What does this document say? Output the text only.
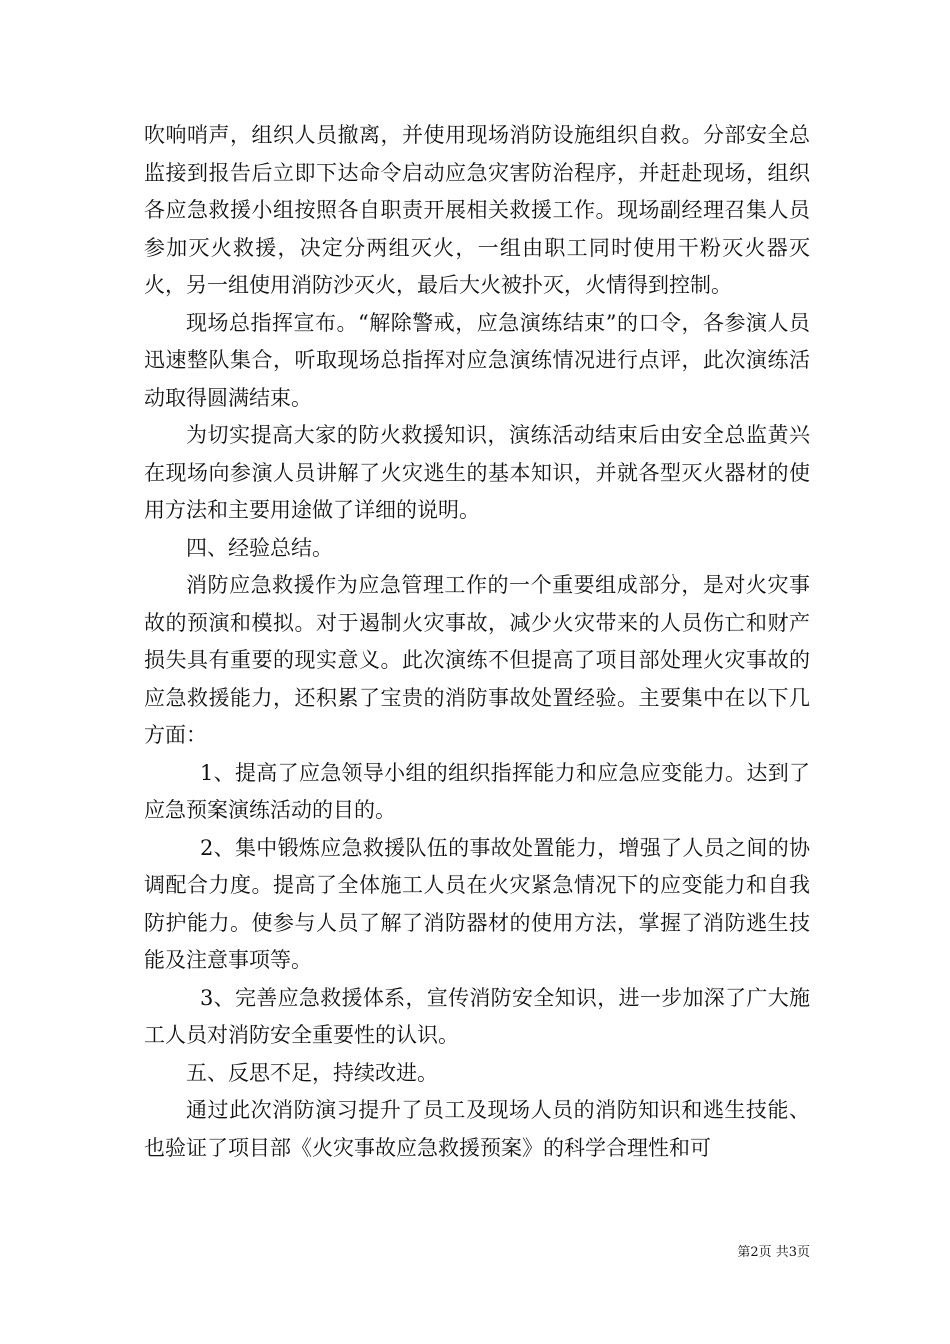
吹响哨声，组织人员撤离，并使用现场消防设施组织自救。分部安全总监接到报告后立即下达命令启动应急灾害防治程序，并赶赴现场，组织各应急救援小组按照各自职责开展相关救援工作。现场副经理召集人员参加灭火救援，决定分两组灭火，一组由职工同时使用干粉灭火器灭火，另一组使用消防沙灭火，最后大火被扑灭，火情得到控制。

现场总指挥宣布。“解除警戒，应急演练结束”的口令，各参演人员迅速整队集合，听取现场总指挥对应急演练情况进行点评，此次演练活动取得圆满结束。

为切实提高大家的防火救援知识，演练活动结束后由安全总监黄兴在现场向参演人员讲解了火灾逃生的基本知识，并就各型灭火器材的使用方法和主要用途做了详细的说明。

四、经验总结。

消防应急救援作为应急管理工作的一个重要组成部分，是对火灾事故的预演和模拟。对于遏制火灾事故，减少火灾带来的人员伤亡和财产损失具有重要的现实意义。此次演练不但提高了项目部处理火灾事故的应急救援能力，还积累了宝贵的消防事故处置经验。主要集中在以下几方面：

1、提高了应急领导小组的组织指挥能力和应急应变能力。达到了应急预案演练活动的目的。

2、集中锻炼应急救援队伍的事故处置能力，增强了人员之间的协调配合力度。提高了全体施工人员在火灾紧急情况下的应变能力和自我防护能力。使参与人员了解了消防器材的使用方法，掌握了消防逃生技能及注意事项等。

3、完善应急救援体系，宣传消防安全知识，进一步加深了广大施工人员对消防安全重要性的认识。

五、反思不足，持续改进。

通过此次消防演习提升了员工及现场人员的消防知识和逃生技能、也验证了项目部《火灾事故应急救援预案》的科学合理性和可

第2页 共3页
